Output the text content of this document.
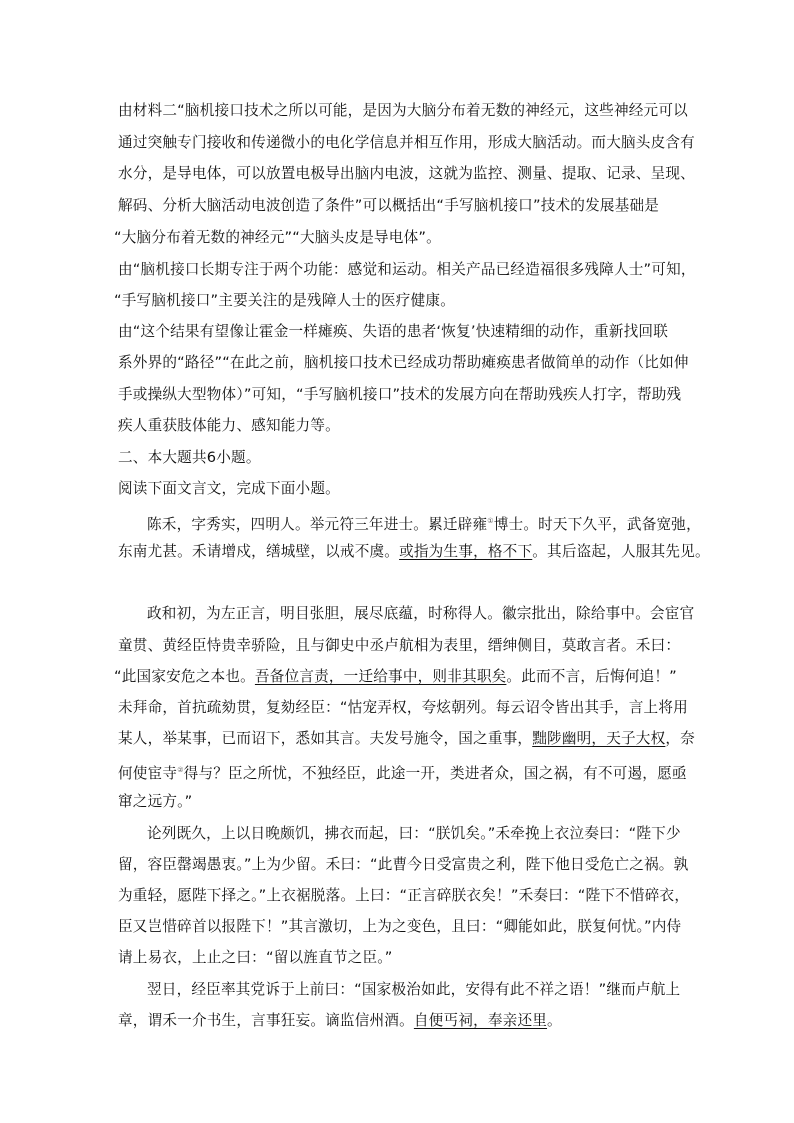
由材料二“脑机接口技术之所以可能，是因为大脑分布着无数的神经元，这些神经元可以
通过突触专门接收和传递微小的电化学信息并相互作用，形成大脑活动。而大脑头皮含有
水分，是导电体，可以放置电极导出脑内电波，这就为监控、测量、提取、记录、呈现、
解码、分析大脑活动电波创造了条件”可以概括出“手写脑机接口”技术的发展基础是
“大脑分布着无数的神经元”“大脑头皮是导电体”。
由“脑机接口长期专注于两个功能：感觉和运动。相关产品已经造福很多残障人士”可知，
“手写脑机接口”主要关注的是残障人士的医疗健康。
由“这个结果有望像让霍金一样瘫痪、失语的患者‘恢复’快速精细的动作，重新找回联
系外界的“路径”“在此之前，脑机接口技术已经成功帮助瘫痪患者做简单的动作（比如伸
手或操纵大型物体）”可知，“手写脑机接口”技术的发展方向在帮助残疾人打字，帮助残
疾人重获肢体能力、感知能力等。
二、本大题共6小题。
阅读下面文言文，完成下面小题。
陈禾，字秀实，四明人。举元符三年进士。累迁辟雍①博士。时天下久平，武备宽弛，
东南尤甚。禾请增戍，缮城壁，以戒不虞。或指为生事，格不下。其后盗起，人服其先见。
政和初，为左正言，明目张胆，展尽底蕴，时称得人。徽宗批出，除给事中。会宦官
童贯、黄经臣恃贵幸骄险，且与御史中丞卢航相为表里，缙绅侧目，莫敢言者。禾曰：
“此国家安危之本也。吾备位言责，一迁给事中，则非其职矣。此而不言，后悔何追！”
未拜命，首抗疏劾贯，复劾经臣：“怙宠弄权，夸炫朝列。每云诏令皆出其手，言上将用
某人，举某事，已而诏下，悉如其言。夫发号施令，国之重事，黜陟幽明，天子大权，奈
何使宦寺②得与？臣之所忧，不独经臣，此途一开，类进者众，国之祸，有不可遏，愿亟
窜之远方。”
论列既久，上以日晚颇饥，拂衣而起，曰：“朕饥矣。”禾牵挽上衣泣奏曰：“陛下少
留，容臣罄竭愚衷。”上为少留。禾曰：“此曹今日受富贵之利，陛下他日受危亡之祸。孰
为重轻，愿陛下择之。”上衣裾脱落。上曰：“正言碎朕衣矣！”禾奏曰：“陛下不惜碎衣，
臣又岂惜碎首以报陛下！”其言激切，上为之变色，且曰：“卿能如此，朕复何忧。”内侍
请上易衣，上止之曰：“留以旌直节之臣。”
翌日，经臣率其党诉于上前曰：“国家极治如此，安得有此不祥之语！”继而卢航上
章，谓禾一介书生，言事狂妄。谪监信州酒。自便丐祠，奉亲还里。
